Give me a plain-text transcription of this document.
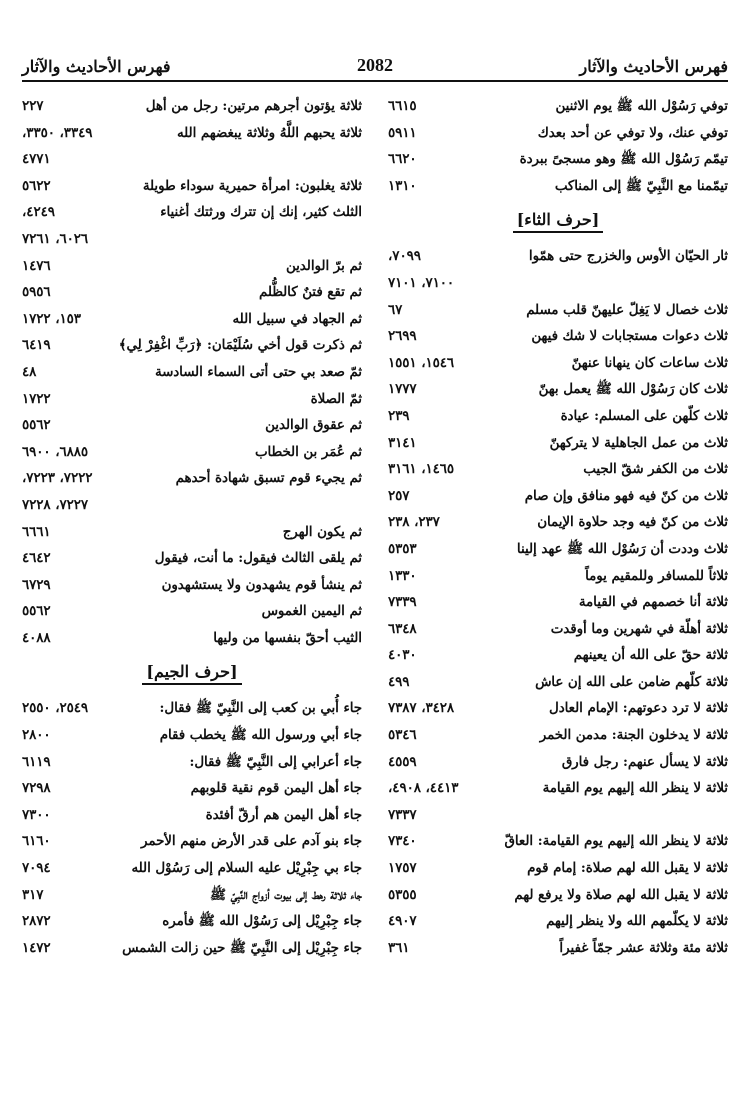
فهرس الأحاديث والآثار	2082	فهرس الأحاديث والآثار
توفي رَسُوْل الله ﷺ يوم الاثنين
٦٦١٥
توفي عنك، ولا توفي عن أحد بعدك
٥٩١١
تيمّم رَسُوْل الله ﷺ وهو مسجىً ببردة
٦٦٢٠
تيمّمنا مع النَّبِيّ ﷺ إلى المناكب
١٣١٠
[حرف الثاء]
ثار الحيّان الأوس والخزرج حتى همّوا
٧٠٩٩،
٧١٠٠، ٧١٠١
ثلاث خصال لا يَغِلّ عليهنّ قلب مسلم
٦٧
ثلاث دعوات مستجابات لا شك فيهن
٢٦٩٩
ثلاث ساعات كان ينهانا عنهنّ
١٥٤٦، ١٥٥١
ثلاث كان رَسُوْل الله ﷺ يعمل بهنّ
١٧٧٧
ثلاث كلّهن على المسلم: عيادة
٢٣٩
ثلاث من عمل الجاهلية لا يتركهنّ
٣١٤١
ثلاث من الكفر شقّ الجيب
١٤٦٥، ٣١٦١
ثلاث من كنّ فيه فهو منافق وإن صام
٢٥٧
ثلاث من كنّ فيه وجد حلاوة الإيمان
٢٣٧، ٢٣٨
ثلاث وددت أن رَسُوْل الله ﷺ عهد إلينا
٥٣٥٣
ثلاثاً للمسافر وللمقيم يوماً
١٣٣٠
ثلاثة أنا خصمهم في القيامة
٧٣٣٩
ثلاثة أهلّة في شهرين وما أوقدت
٦٣٤٨
ثلاثة حقّ على الله أن يعينهم
٤٠٣٠
ثلاثة كلّهم ضامن على الله إن عاش
٤٩٩
ثلاثة لا ترد دعوتهم: الإمام العادل
٣٤٢٨، ٧٣٨٧
ثلاثة لا يدخلون الجنة: مدمن الخمر
٥٣٤٦
ثلاثة لا يسأل عنهم: رجل فارق
٤٥٥٩
ثلاثة لا ينظر الله إليهم يوم القيامة
٤٤١٣، ٤٩٠٨،
٧٣٣٧
ثلاثة لا ينظر الله إليهم يوم القيامة: العاقّ
٧٣٤٠
ثلاثة لا يقبل الله لهم صلاة: إمام قوم
١٧٥٧
ثلاثة لا يقبل الله لهم صلاة ولا يرفع لهم
٥٣٥٥
ثلاثة لا يكلّمهم الله ولا ينظر إليهم
٤٩٠٧
ثلاثة مئة وثلاثة عشر جمّاً غفيراً
٣٦١
ثلاثة يؤتون أجرهم مرتين: رجل من أهل
٢٢٧
ثلاثة يحبهم اللَّهُ وثلاثة يبغضهم الله
٣٣٤٩، ٣٣٥٠،
٤٧٧١
ثلاثة يغلبون: امرأة حميرية سوداء طويلة
٥٦٢٢
الثلث كثير، إنك إن تترك ورثتك أغنياء
٤٢٤٩،
٦٠٢٦، ٧٢٦١
ثم برّ الوالدين
١٤٧٦
ثم تقع فتنٌ كالظُّلم
٥٩٥٦
ثم الجهاد في سبيل الله
١٥٣، ١٧٢٢
ثم ذكرت قول أخي سُلَيْمَان: ﴿رَبِّ اغْفِرْ لِي﴾
٦٤١٩
ثمّ صعد بي حتى أتى السماء السادسة
٤٨
ثمّ الصلاة
١٧٢٢
ثم عقوق الوالدين
٥٥٦٢
ثم عُمَر بن الخطاب
٦٨٨٥، ٦٩٠٠
ثم يجيء قوم تسبق شهادة أحدهم
٧٢٢٢، ٧٢٢٣،
٧٢٢٧، ٧٢٢٨
ثم يكون الهرج
٦٦٦١
ثم يلقى الثالث فيقول: ما أنت، فيقول
٤٦٤٢
ثم ينشأ قوم يشهدون ولا يستشهدون
٦٧٢٩
ثم اليمين الغموس
٥٥٦٢
الثيب أحقّ بنفسها من وليها
٤٠٨٨
[حرف الجيم]
جاء أُبي بن كعب إلى النَّبِيّ ﷺ فقال:
٢٥٤٩، ٢٥٥٠
جاء أبي ورسول الله ﷺ يخطب فقام
٢٨٠٠
جاء أعرابي إلى النَّبِيّ ﷺ فقال:
٦١١٩
جاء أهل اليمن قوم نقية قلوبهم
٧٢٩٨
جاء أهل اليمن هم أرقّ أفئدة
٧٣٠٠
جاء بنو آدم على قدر الأرض منهم الأحمر
٦١٦٠
جاء بي جِبْرِيْل عليه السلام إلى رَسُوْل الله
٧٠٩٤
جاء ثلاثة رهط إلى بيوت أزواج النَّبِيّ ﷺ
٣١٧
جاء جِبْرِيْل إلى رَسُوْل الله ﷺ فأمره
٢٨٧٢
جاء جِبْرِيْل إلى النَّبِيّ ﷺ حين زالت الشمس
١٤٧٢
